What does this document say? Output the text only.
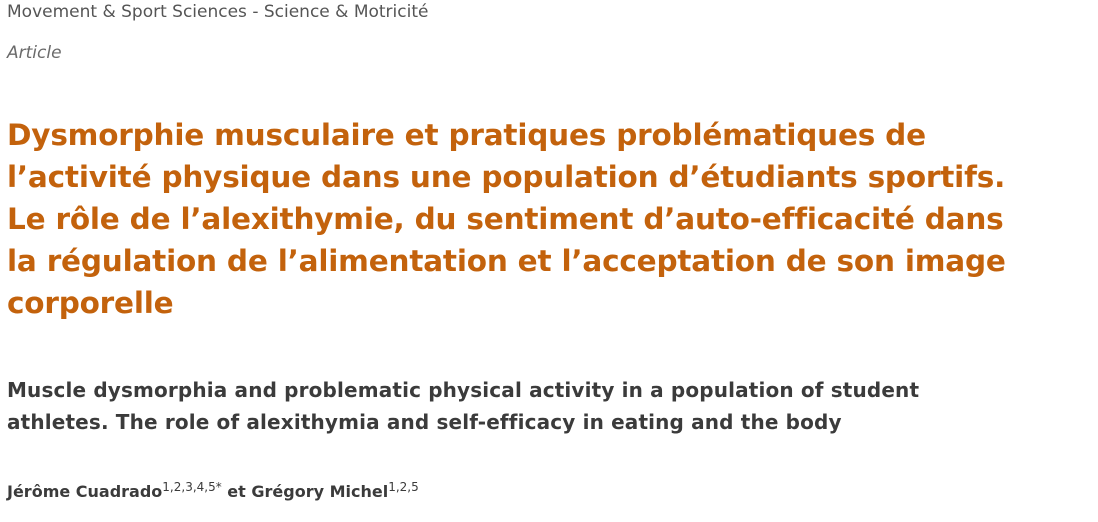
Movement & Sport Sciences - Science & Motricité
Article
Dysmorphie musculaire et pratiques problématiques de
l’activité physique dans une population d’étudiants sportifs.
Le rôle de l’alexithymie, du sentiment d’auto-efficacité dans
la régulation de l’alimentation et l’acceptation de son image
corporelle
Muscle dysmorphia and problematic physical activity in a population of student
athletes. The role of alexithymia and self-efficacy in eating and the body
Jérôme Cuadrado$^{1,2,3,4,5*}$ et Grégory Michel$^{1,2,5}$
